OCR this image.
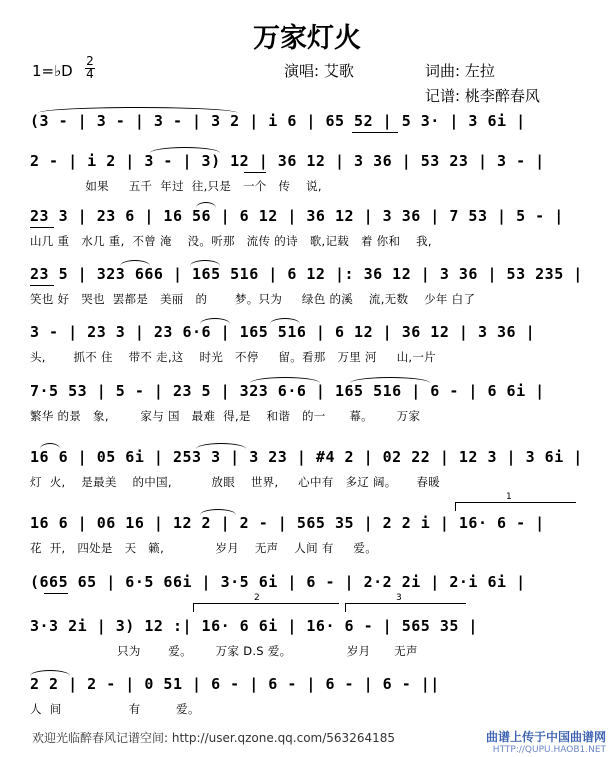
万家灯火
1=♭D
2
4	演唱: 艾歌	词曲: 左拉
记谱: 桃李醉春风
(3 - | 3 - | 3 - | 3 2 | i 6 | 65 52 | 5 3· | 3 6i |
2 - | i 2 | 3 - | 3) 12 | 36 12 | 3 36 | 53 23 | 3 - |
如果     五千  年过  往,只是   一个   传    说,
23 3 | 23 6 | 16 56 | 6 12 | 36 12 | 3 36 | 7 53 | 5 - |
山几 重   水几 重,  不曾 淹    没。听那   流传 的诗   歌,记载   着 你和    我,
23 5 | 323 666 | 165 516 | 6 12 |: 36 12 | 3 36 | 53 235 |
笑也 好   哭也  罢都是   美丽   的       梦。只为     绿色 的溪    流,无数    少年 白了
3 - | 23 3 | 23 6·6 | 165 516 | 6 12 | 36 12 | 3 36 |
头,       抓不 住    带不 走,这    时光   不停     留。看那   万里 河     山,一片
7·5 53 | 5 - | 23 5 | 323 6·6 | 165 516 | 6 - | 6 6i |
繁华 的景   象,        家与 国   最难  得,是    和谐   的一      幕。      万家
16 6 | 05 6i | 253 3 | 3 23 | #4 2 | 02 22 | 12 3 | 3 6i |
灯  火,    是最美    的中国,          放眼    世界,     心中有   多辽 阔。     春暖
16 6 | 06 16 | 12 2 | 2 - | 565 35 | 2 2 i | 16· 6 - |
花  开,   四处是   天   籁,             岁月    无声    人间 有     爱。
1
(665 65 | 6·5 66i | 3·5 6i | 6 - | 2·2 2i | 2·i 6i |
3·3 2i | 3) 12 :| 16· 6 6i | 16· 6 - | 565 35 |
只为       爱。      万家 D.S 爱。              岁月      无声
2	3
2 2 | 2 - | 0 51 | 6 - | 6 - | 6 - | 6 - ||
人  间                 有         爱。
欢迎光临醉春风记谱空间: http://user.qzone.qq.com/563264185	曲谱上传于中国曲谱网
HTTP://QUPU.HAOB1.NET
